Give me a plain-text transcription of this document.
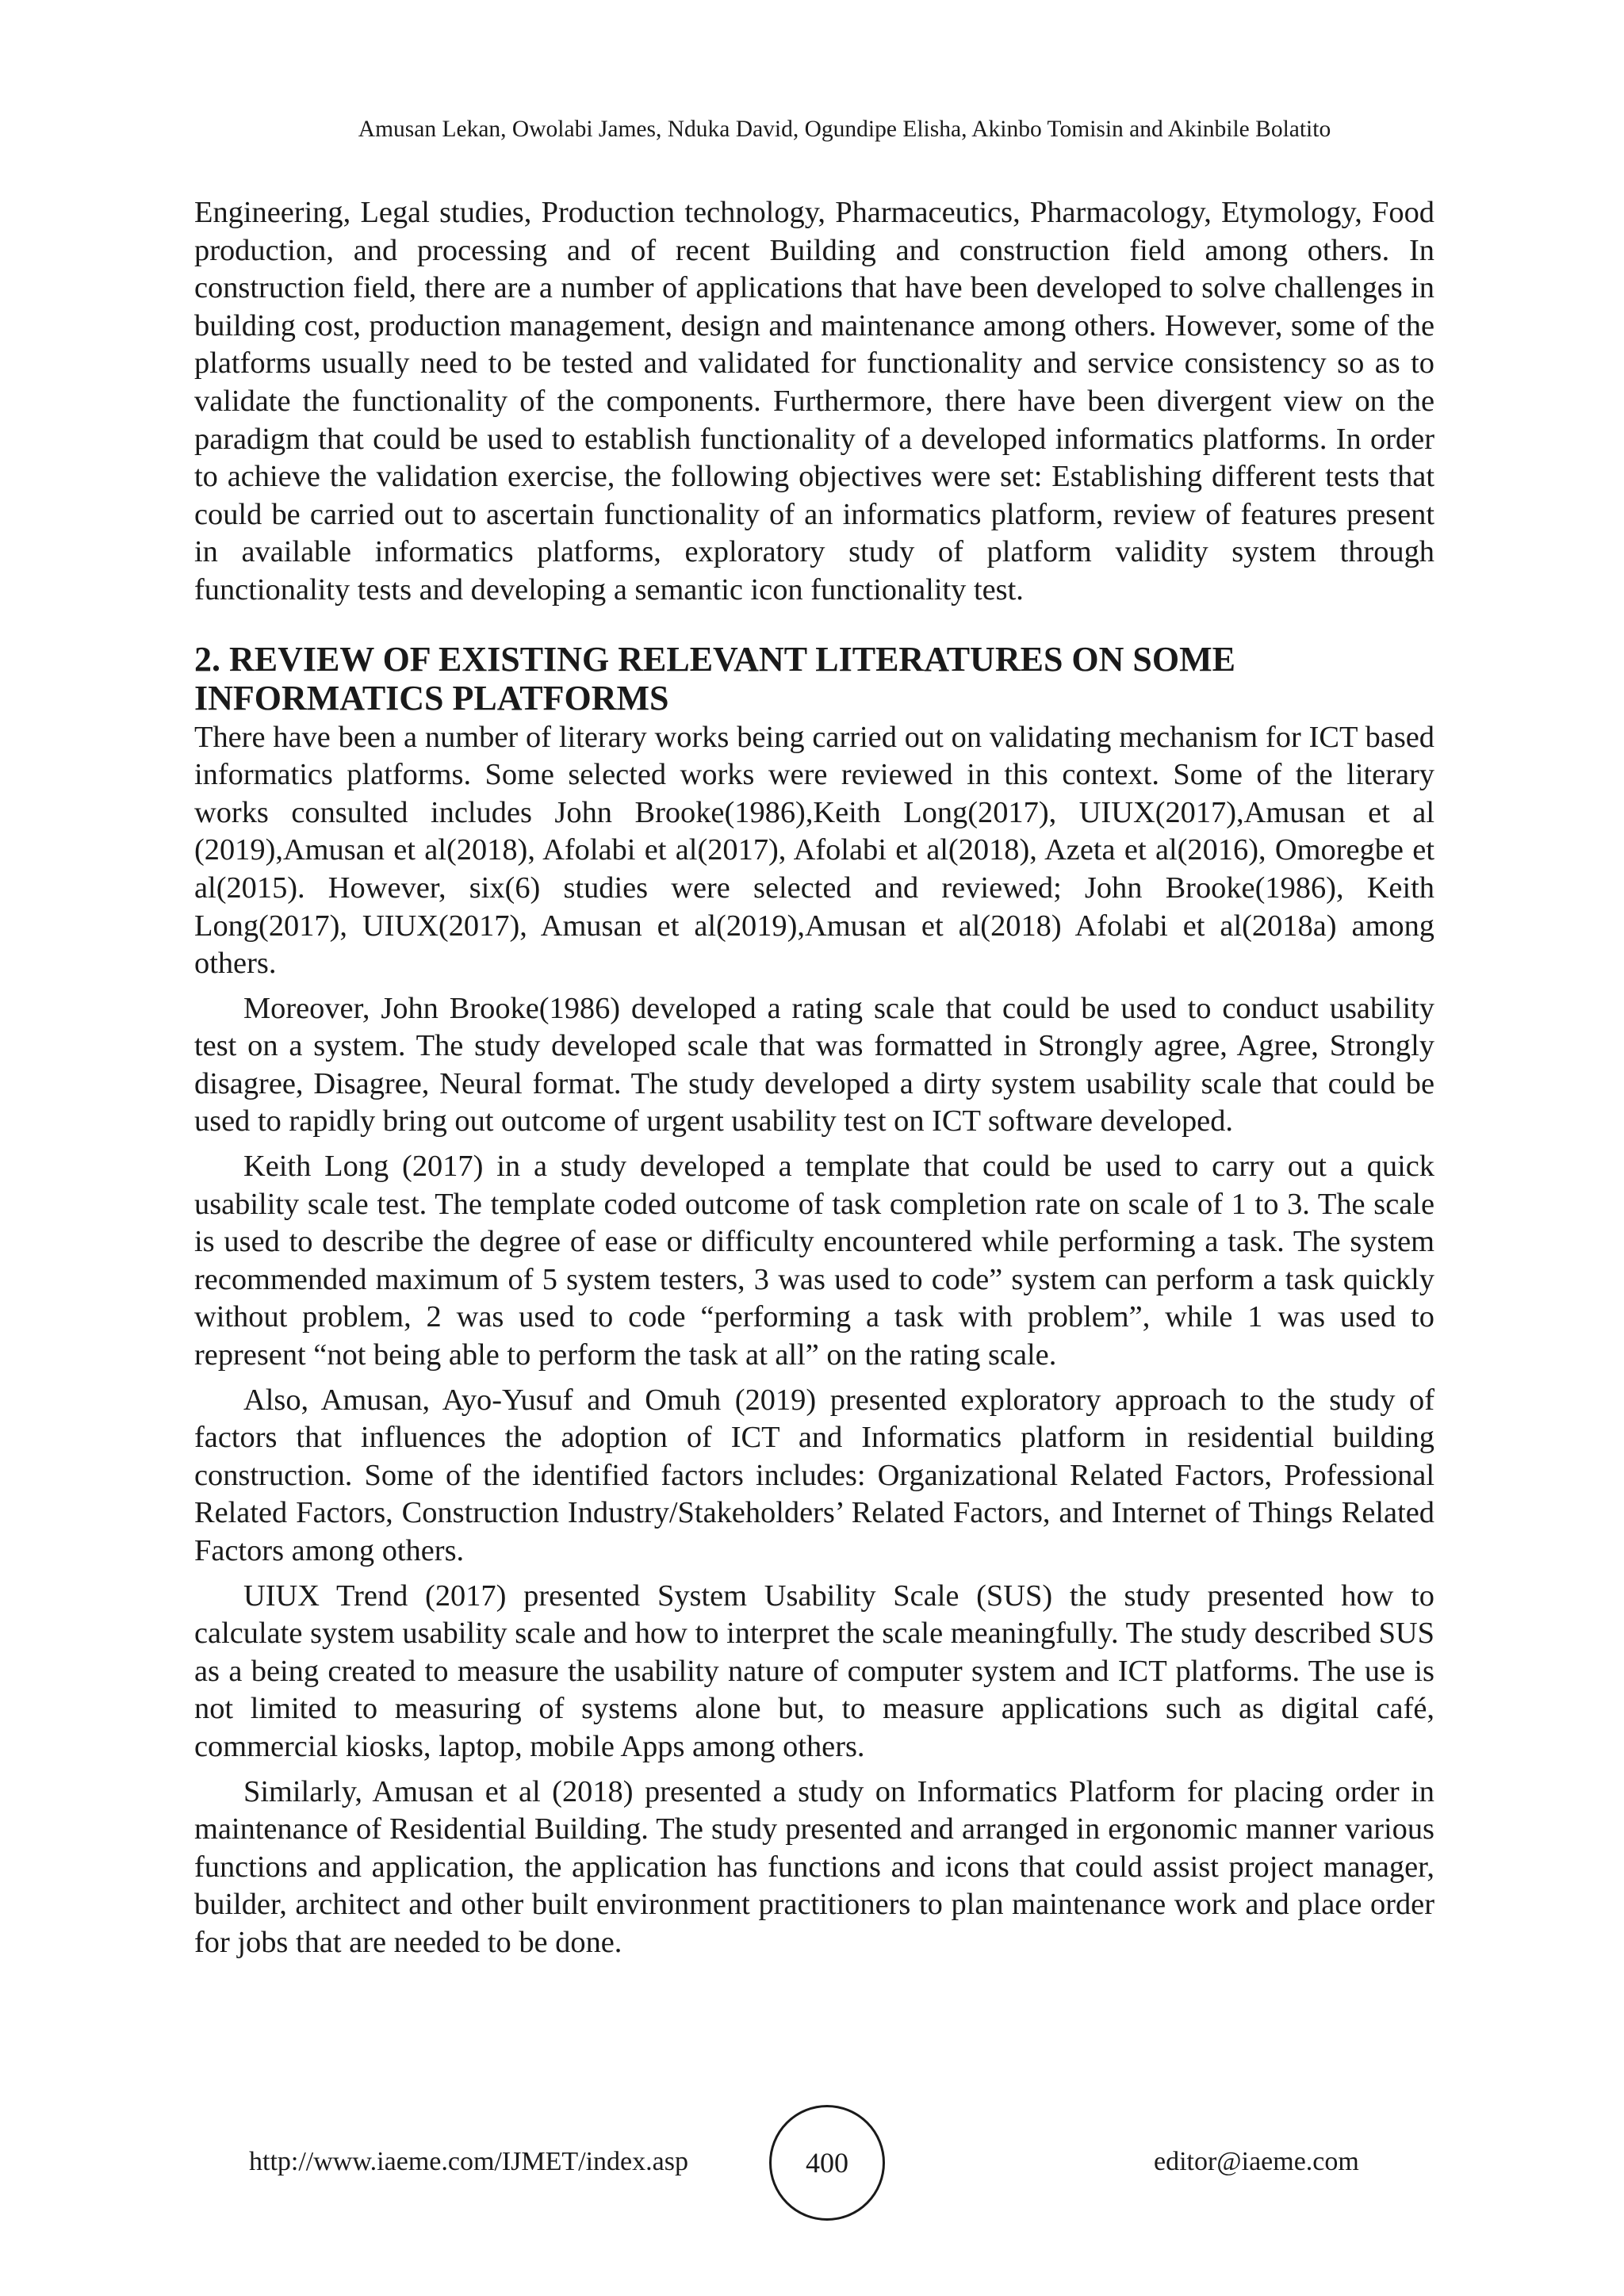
Amusan Lekan, Owolabi James, Nduka David, Ogundipe Elisha, Akinbo Tomisin and Akinbile Bolatito

Engineering, Legal studies, Production technology, Pharmaceutics, Pharmacology, Etymology, Food production, and processing and of recent Building and construction field among others. In construction field, there are a number of applications that have been developed to solve challenges in building cost, production management, design and maintenance among others. However, some of the platforms usually need to be tested and validated for functionality and service consistency so as to validate the functionality of the components. Furthermore, there have been divergent view on the paradigm that could be used to establish functionality of a developed informatics platforms. In order to achieve the validation exercise, the following objectives were set: Establishing different tests that could be carried out to ascertain functionality of an informatics platform, review of features present in available informatics platforms, exploratory study of platform validity system through functionality tests and developing a semantic icon functionality test.

2. REVIEW OF EXISTING RELEVANT LITERATURES ON SOME INFORMATICS PLATFORMS

There have been a number of literary works being carried out on validating mechanism for ICT based informatics platforms. Some selected works were reviewed in this context. Some of the literary works consulted includes John Brooke(1986),Keith Long(2017), UIUX(2017),Amusan et al (2019),Amusan et al(2018), Afolabi et al(2017), Afolabi et al(2018), Azeta et al(2016), Omoregbe et al(2015). However, six(6) studies were selected and reviewed; John Brooke(1986), Keith Long(2017), UIUX(2017), Amusan et al(2019),Amusan et al(2018) Afolabi et al(2018a) among others.

Moreover, John Brooke(1986) developed a rating scale that could be used to conduct usability test on a system. The study developed scale that was formatted in Strongly agree, Agree, Strongly disagree, Disagree, Neural format. The study developed a dirty system usability scale that could be used to rapidly bring out outcome of urgent usability test on ICT software developed.

Keith Long (2017) in a study developed a template that could be used to carry out a quick usability scale test. The template coded outcome of task completion rate on scale of 1 to 3. The scale is used to describe the degree of ease or difficulty encountered while performing a task. The system recommended maximum of 5 system testers, 3 was used to code” system can perform a task quickly without problem, 2 was used to code “performing a task with problem”, while 1 was used to represent “not being able to perform the task at all” on the rating scale.

Also, Amusan, Ayo-Yusuf and Omuh (2019) presented exploratory approach to the study of factors that influences the adoption of ICT and Informatics platform in residential building construction. Some of the identified factors includes: Organizational Related Factors, Professional Related Factors, Construction Industry/Stakeholders’ Related Factors, and Internet of Things Related Factors among others.

UIUX Trend (2017) presented System Usability Scale (SUS) the study presented how to calculate system usability scale and how to interpret the scale meaningfully. The study described SUS as a being created to measure the usability nature of computer system and ICT platforms. The use is not limited to measuring of systems alone but, to measure applications such as digital café, commercial kiosks, laptop, mobile Apps among others.

Similarly, Amusan et al (2018) presented a study on Informatics Platform for placing order in maintenance of Residential Building. The study presented and arranged in ergonomic manner various functions and application, the application has functions and icons that could assist project manager, builder, architect and other built environment practitioners to plan maintenance work and place order for jobs that are needed to be done.

http://www.iaeme.com/IJMET/index.asp	400	editor@iaeme.com
